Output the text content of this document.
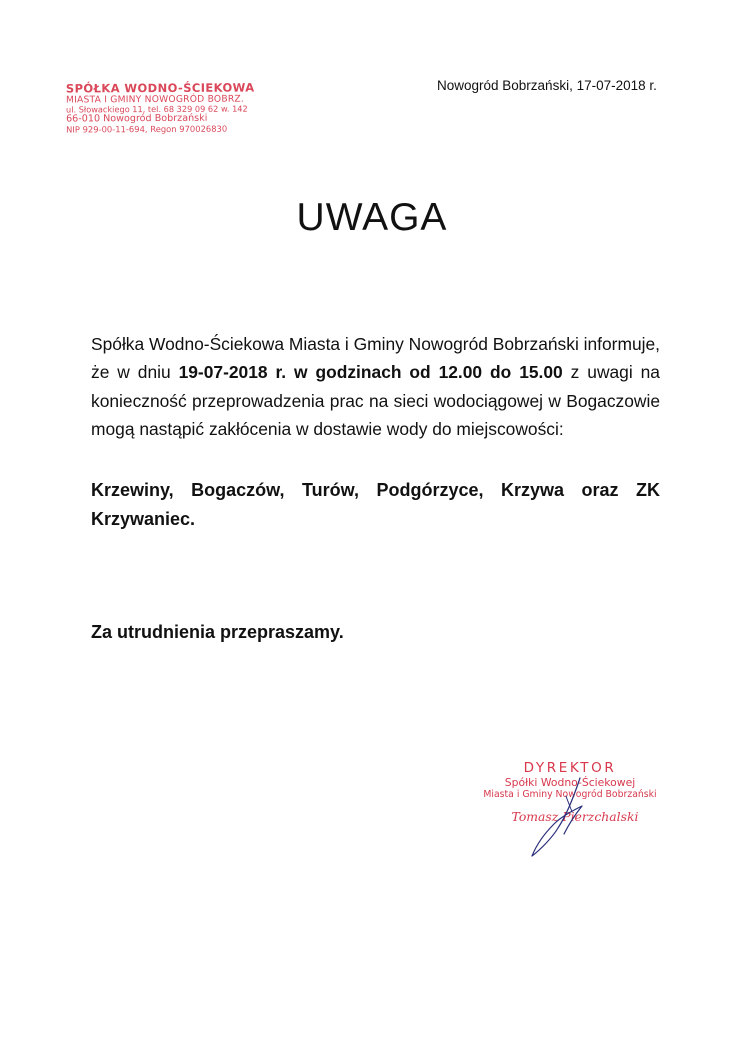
SPÓŁKA WODNO-ŚCIEKOWA
MIASTA I GMINY NOWOGRÓD BOBRZ.
ul. Słowackiego 11, tel. 68 329 09 62 w. 142
66-010 Nowogród Bobrzański
NIP 929-00-11-694, Regon 970026830
Nowogród Bobrzański, 17-07-2018 r.
UWAGA

Spółka Wodno-Ściekowa Miasta i Gminy Nowogród Bobrzański informuje, że w dniu 19-07-2018 r. w godzinach od 12.00 do 15.00 z uwagi na konieczność przeprowadzenia prac na sieci wodociągowej w Bogaczowie mogą nastąpić zakłócenia w dostawie wody do miejscowości:

Krzewiny, Bogaczów, Turów, Podgórzyce, Krzywa oraz ZK Krzywaniec.
Za utrudnienia przepraszamy.
DYREKTOR
Spółki Wodno-Ściekowej
Miasta i Gminy Nowogród Bobrzański
Tomasz Pierzchalski
